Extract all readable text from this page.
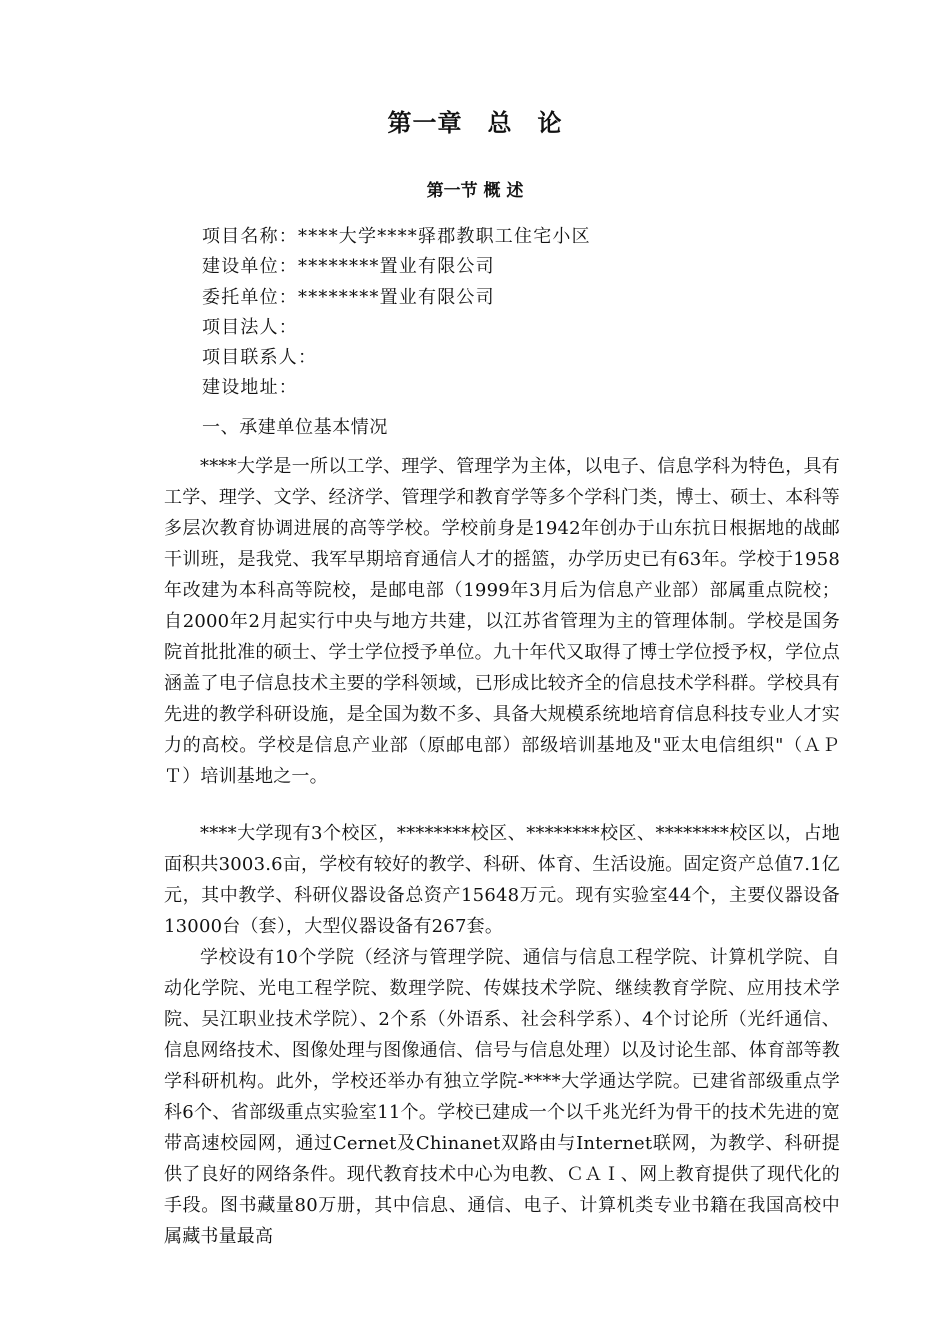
第一章　总　论
第一节 概 述
项目名称：****大学****驿郡教职工住宅小区
建设单位：********置业有限公司
委托单位：********置业有限公司
项目法人：
项目联系人：
建设地址：
一、承建单位基本情况

****大学是一所以工学、理学、管理学为主体，以电子、信息学科为特色，具有工学、理学、文学、经济学、管理学和教育学等多个学科门类，博士、硕士、本科等多层次教育协调进展的高等学校。学校前身是1942年创办于山东抗日根据地的战邮干训班，是我党、我军早期培育通信人才的摇篮，办学历史已有63年。学校于1958年改建为本科高等院校，是邮电部（1999年3月后为信息产业部）部属重点院校；自2000年2月起实行中央与地方共建，以江苏省管理为主的管理体制。学校是国务院首批批准的硕士、学士学位授予单位。九十年代又取得了博士学位授予权，学位点涵盖了电子信息技术主要的学科领域，已形成比较齐全的信息技术学科群。学校具有先进的教学科研设施，是全国为数不多、具备大规模系统地培育信息科技专业人才实力的高校。学校是信息产业部（原邮电部）部级培训基地及"亚太电信组织"（ＡＰＴ）培训基地之一。

****大学现有3个校区，********校区、********校区、********校区以，占地面积共3003.6亩，学校有较好的教学、科研、体育、生活设施。固定资产总值7.1亿元，其中教学、科研仪器设备总资产15648万元。现有实验室44个，主要仪器设备13000台（套），大型仪器设备有267套。

学校设有10个学院（经济与管理学院、通信与信息工程学院、计算机学院、自动化学院、光电工程学院、数理学院、传媒技术学院、继续教育学院、应用技术学院、吴江职业技术学院）、2个系（外语系、社会科学系）、4个讨论所（光纤通信、信息网络技术、图像处理与图像通信、信号与信息处理）以及讨论生部、体育部等教学科研机构。此外，学校还举办有独立学院-****大学通达学院。已建省部级重点学科6个、省部级重点实验室11个。学校已建成一个以千兆光纤为骨干的技术先进的宽带高速校园网，通过Cernet及Chinanet双路由与Internet联网，为教学、科研提供了良好的网络条件。现代教育技术中心为电教、ＣＡＩ、网上教育提供了现代化的手段。图书藏量80万册，其中信息、通信、电子、计算机类专业书籍在我国高校中属藏书量最高
